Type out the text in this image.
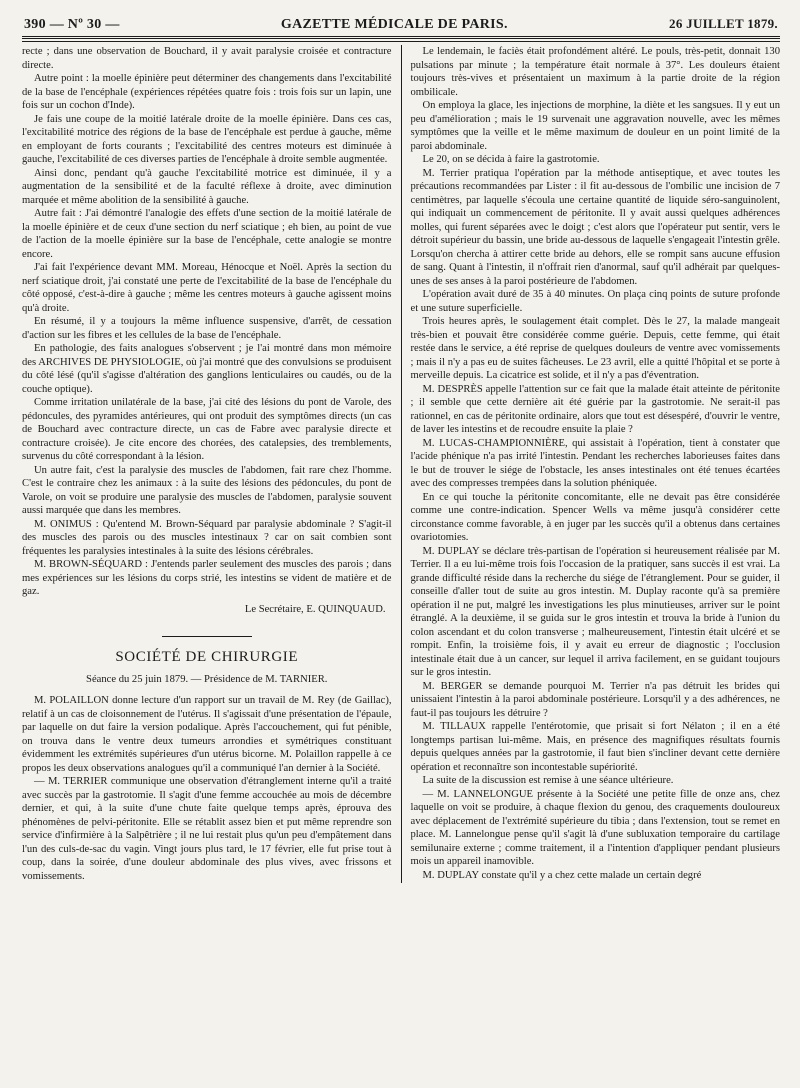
390 — Nº 30 —	GAZETTE MÉDICALE DE PARIS.	26 JUILLET 1879.

recte ; dans une observation de Bouchard, il y avait paralysie croisée et contracture directe.

Autre point : la moelle épinière peut déterminer des changements dans l'excitabilité de la base de l'encéphale (expériences répétées quatre fois : trois fois sur un lapin, une fois sur un cochon d'Inde).

Je fais une coupe de la moitié latérale droite de la moelle épinière. Dans ces cas, l'excitabilité motrice des régions de la base de l'encéphale est perdue à gauche, même en employant de forts courants ; l'excitabilité des centres moteurs est diminuée à gauche, l'excitabilité de ces diverses parties de l'encéphale à droite semble augmentée.

Ainsi donc, pendant qu'à gauche l'excitabilité motrice est diminuée, il y a augmentation de la sensibilité et de la faculté réflexe à droite, avec diminution marquée et même abolition de la sensibilité à gauche.

Autre fait : J'ai démontré l'analogie des effets d'une section de la moitié latérale de la moelle épinière et de ceux d'une section du nerf sciatique ; eh bien, au point de vue de l'action de la moelle épinière sur la base de l'encéphale, cette analogie se montre encore.

J'ai fait l'expérience devant MM. Moreau, Hénocque et Noël. Après la section du nerf sciatique droit, j'ai constaté une perte de l'excitabilité de la base de l'encéphale du côté opposé, c'est-à-dire à gauche ; même les centres moteurs à gauche agissent moins qu'à droite.

En résumé, il y a toujours la même influence suspensive, d'arrêt, de cessation d'action sur les fibres et les cellules de la base de l'encéphale.

En pathologie, des faits analogues s'observent ; je l'ai montré dans mon mémoire des ARCHIVES DE PHYSIOLOGIE, où j'ai montré que des convulsions se produisent du côté lésé (qu'il s'agisse d'altération des ganglions lenticulaires ou caudés, ou de la couche optique).

Comme irritation unilatérale de la base, j'ai cité des lésions du pont de Varole, des pédoncules, des pyramides antérieures, qui ont produit des symptômes directs (un cas de Bouchard avec contracture directe, un cas de Fabre avec paralysie directe et contracture croisée). Je cite encore des chorées, des catalepsies, des tremblements, survenus du côté correspondant à la lésion.

Un autre fait, c'est la paralysie des muscles de l'abdomen, fait rare chez l'homme. C'est le contraire chez les animaux : à la suite des lésions des pédoncules, du pont de Varole, on voit se produire une paralysie des muscles de l'abdomen, paralysie souvent aussi marquée que dans les membres.

M. ONIMUS : Qu'entend M. Brown-Séquard par paralysie abdominale ? S'agit-il des muscles des parois ou des muscles intestinaux ? car on sait combien sont fréquentes les paralysies intestinales à la suite des lésions cérébrales.

M. BROWN-SÉQUARD : J'entends parler seulement des muscles des parois ; dans mes expériences sur les lésions du corps strié, les intestins se vident de matière et de gaz.

Le Secrétaire, E. QUINQUAUD.

SOCIÉTÉ DE CHIRURGIE

Séance du 25 juin 1879. — Présidence de M. TARNIER.

M. POLAILLON donne lecture d'un rapport sur un travail de M. Rey (de Gaillac), relatif à un cas de cloisonnement de l'utérus. Il s'agissait d'une présentation de l'épaule, par laquelle on dut faire la version podalique. Après l'accouchement, qui fut pénible, on trouva dans le ventre deux tumeurs arrondies et symétriques constituant évidemment les extrémités supérieures d'un utérus bicorne. M. Polaillon rappelle à ce propos les deux observations analogues qu'il a communiqué l'an dernier à la Société.

— M. TERRIER communique une observation d'étranglement interne qu'il a traité avec succès par la gastrotomie. Il s'agit d'une femme accouchée au mois de décembre dernier, et qui, à la suite d'une chute faite quelque temps après, éprouva des phénomènes de pelvi-péritonite. Elle se rétablit assez bien et put même reprendre son service d'infirmière à la Salpêtrière ; il ne lui restait plus qu'un peu d'empâtement dans l'un des culs-de-sac du vagin. Vingt jours plus tard, le 17 février, elle fut prise tout à coup, dans la soirée, d'une douleur abdominale des plus vives, avec frissons et vomissements.

Le lendemain, le faciès était profondément altéré. Le pouls, très-petit, donnait 130 pulsations par minute ; la température était normale à 37°. Les douleurs étaient toujours très-vives et présentaient un maximum à la partie droite de la région ombilicale.

On employa la glace, les injections de morphine, la diète et les sangsues. Il y eut un peu d'amélioration ; mais le 19 survenait une aggravation nouvelle, avec les mêmes symptômes que la veille et le même maximum de douleur en un point limité de la paroi abdominale.

Le 20, on se décida à faire la gastrotomie.

M. Terrier pratiqua l'opération par la méthode antiseptique, et avec toutes les précautions recommandées par Lister : il fit au-dessous de l'ombilic une incision de 7 centimètres, par laquelle s'écoula une certaine quantité de liquide séro-sanguinolent, qui indiquait un commencement de péritonite. Il y avait aussi quelques adhérences molles, qui furent séparées avec le doigt ; c'est alors que l'opérateur put sentir, vers le détroit supérieur du bassin, une bride au-dessous de laquelle s'engageait l'intestin grêle. Lorsqu'on chercha à attirer cette bride au dehors, elle se rompit sans aucune effusion de sang. Quant à l'intestin, il n'offrait rien d'anormal, sauf qu'il adhérait par quelques-unes de ses anses à la paroi postérieure de l'abdomen.

L'opération avait duré de 35 à 40 minutes. On plaça cinq points de suture profonde et une suture superficielle.

Trois heures après, le soulagement était complet. Dès le 27, la malade mangeait très-bien et pouvait être considérée comme guérie. Depuis, cette femme, qui était restée dans le service, a été reprise de quelques douleurs de ventre avec vomissements ; mais il n'y a pas eu de suites fâcheuses. Le 23 avril, elle a quitté l'hôpital et se porte à merveille depuis. La cicatrice est solide, et il n'y a pas d'éventration.

M. DESPRÈS appelle l'attention sur ce fait que la malade était atteinte de péritonite ; il semble que cette dernière ait été guérie par la gastrotomie. Ne serait-il pas rationnel, en cas de péritonite ordinaire, alors que tout est désespéré, d'ouvrir le ventre, de laver les intestins et de recoudre ensuite la plaie ?

M. LUCAS-CHAMPIONNIÈRE, qui assistait à l'opération, tient à constater que l'acide phénique n'a pas irrité l'intestin. Pendant les recherches laborieuses faites dans le but de trouver le siége de l'obstacle, les anses intestinales ont été tenues écartées avec des compresses trempées dans la solution phéniquée.

En ce qui touche la péritonite concomitante, elle ne devait pas être considérée comme une contre-indication. Spencer Wells va même jusqu'à considérer cette circonstance comme favorable, à en juger par les succès qu'il a obtenus dans certaines ovariotomies.

M. DUPLAY se déclare très-partisan de l'opération si heureusement réalisée par M. Terrier. Il a eu lui-même trois fois l'occasion de la pratiquer, sans succès il est vrai. La grande difficulté réside dans la recherche du siége de l'étranglement. Pour se guider, il conseille d'aller tout de suite au gros intestin. M. Duplay raconte qu'à sa première opération il ne put, malgré les investigations les plus minutieuses, arriver sur le point étranglé. A la deuxième, il se guida sur le gros intestin et trouva la bride à l'union du colon ascendant et du colon transverse ; malheureusement, l'intestin était ulcéré et se rompit. Enfin, la troisième fois, il y avait eu erreur de diagnostic ; l'occlusion intestinale était due à un cancer, sur lequel il arriva facilement, en se guidant toujours sur le gros intestin.

M. BERGER se demande pourquoi M. Terrier n'a pas détruit les brides qui unissaient l'intestin à la paroi abdominale postérieure. Lorsqu'il y a des adhérences, ne faut-il pas toujours les détruire ?

M. TILLAUX rappelle l'entérotomie, que prisait si fort Nélaton ; il en a été longtemps partisan lui-même. Mais, en présence des magnifiques résultats fournis depuis quelques années par la gastrotomie, il faut bien s'incliner devant cette dernière opération et reconnaître son incontestable supériorité.

La suite de la discussion est remise à une séance ultérieure.

— M. LANNELONGUE présente à la Société une petite fille de onze ans, chez laquelle on voit se produire, à chaque flexion du genou, des craquements douloureux avec déplacement de l'extrémité supérieure du tibia ; dans l'extension, tout se remet en place. M. Lannelongue pense qu'il s'agit là d'une subluxation temporaire du cartilage semilunaire externe ; comme traitement, il a l'intention d'appliquer pendant plusieurs mois un appareil inamovible.

M. DUPLAY constate qu'il y a chez cette malade un certain degré
